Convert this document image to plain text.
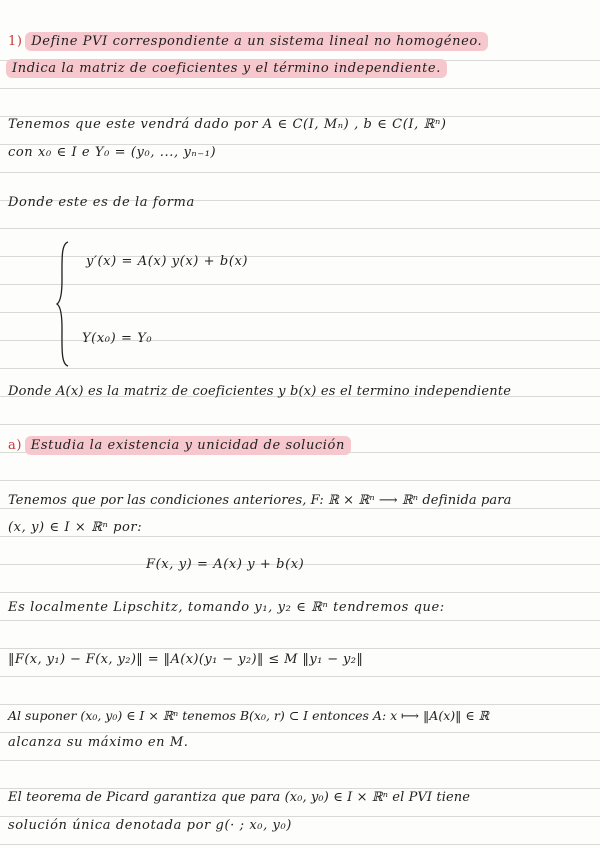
1) Define PVI correspondiente a un sistema lineal no homogéneo.
Indica la matriz de coeficientes y el término independiente.
Tenemos que este vendrá dado por A ∈ C(I, Mₙ) , b ∈ C(I, ℝⁿ)
con x₀ ∈ I e Y₀ = (y₀, ..., yₙ₋₁)
Donde este es de la forma
y′(x) = A(x) y(x) + b(x)
Y(x₀) = Y₀
Donde A(x) es la matriz de coeficientes y b(x) es el termino independiente
a) Estudia la existencia y unicidad de solución
Tenemos que por las condiciones anteriores, F: ℝ × ℝⁿ ⟶ ℝⁿ definida para
(x, y) ∈ I × ℝⁿ por:
F(x, y) = A(x) y + b(x)
Es localmente Lipschitz, tomando y₁, y₂ ∈ ℝⁿ tendremos que:
‖F(x, y₁) − F(x, y₂)‖ = ‖A(x)(y₁ − y₂)‖ ≤ M ‖y₁ − y₂‖
Al suponer (x₀, y₀) ∈ I × ℝⁿ tenemos B(x₀, r) ⊂ I entonces A: x ⟼ ‖A(x)‖ ∈ ℝ
alcanza su máximo en M.
El teorema de Picard garantiza que para (x₀, y₀) ∈ I × ℝⁿ el PVI tiene
solución única denotada por g(· ; x₀, y₀)
